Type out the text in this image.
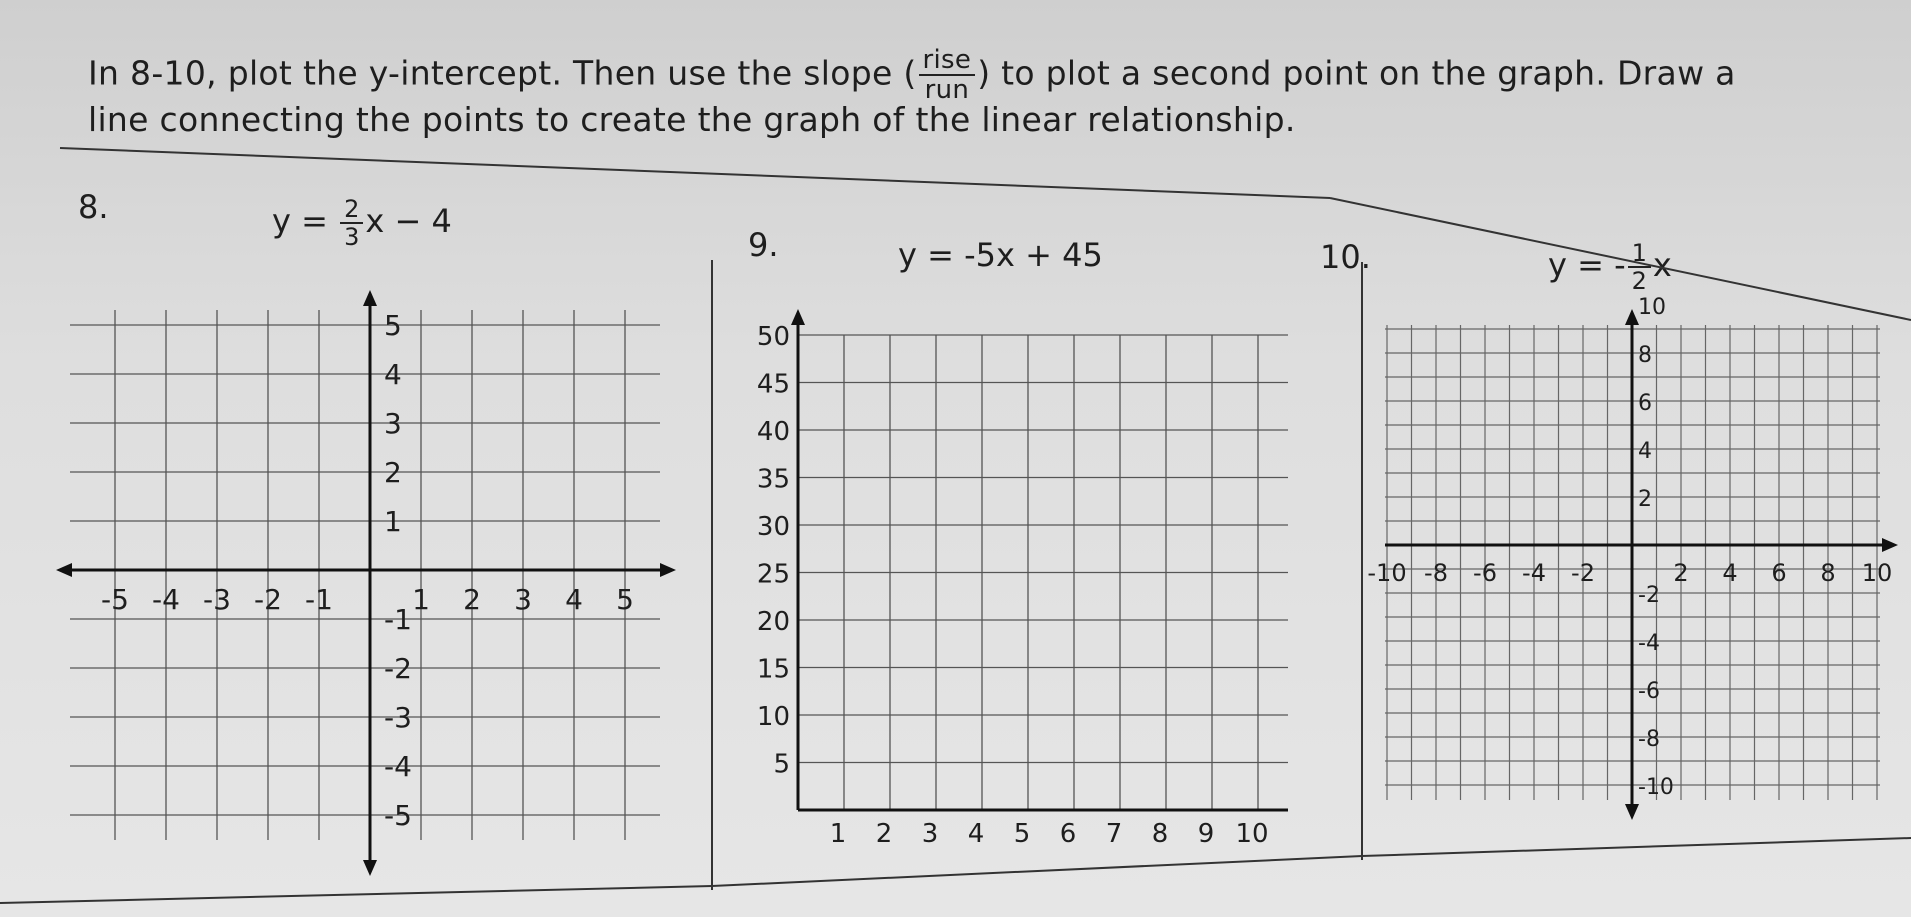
In 8-10, plot the y-intercept. Then use the slope ( $\frac{\text{rise}}{\text{run}}$ ) to plot a second point on the graph. Draw a
line connecting the points to create the graph of the linear relationship.
8.	$y = \frac{2}{3}$ x − 4
9.	y = -5x + 45	10.	y = - $\frac{1}{2}$ x
-5 -4 -3 -2 -1	1 2 3 4 5
5
4
3
2
1
-1
-2
-3
-4
-5
1 2 3 4 5 6 7 8 9 10
50
45
40
35
30
25
20
15
10
5
-10 -8 -6 -4 -2	2 4 6 8 10
10
8
6
4
2
-2
-4
-6
-8
-10
